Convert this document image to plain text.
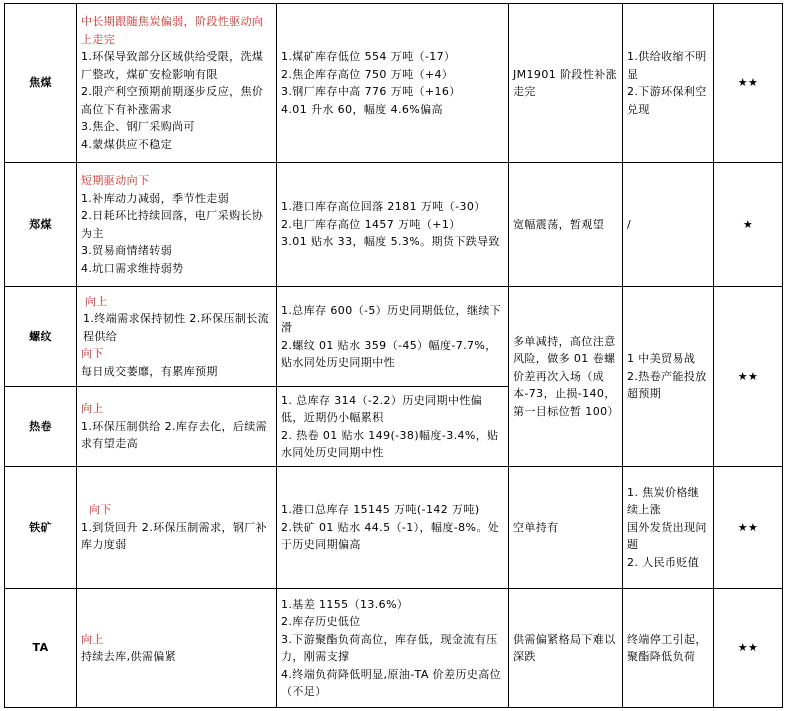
焦煤	中长期跟随焦炭偏弱，阶段性驱动向上走完
1.环保导致部分区域供给受限，洗煤厂整改，煤矿安检影响有限
2.限产利空预期前期逐步反应，焦价高位下有补涨需求
3.焦企、钢厂采购尚可
4.蒙煤供应不稳定	1.煤矿库存低位 554 万吨（-17）
2.焦企库存高位 750 万吨（+4）
3.钢厂库存中高 776 万吨（+16）
4.01 升水 60，幅度 4.6%偏高	JM1901 阶段性补涨走完	1.供给收缩不明显
2.下游环保利空兑现	★★
郑煤	短期驱动向下
1.补库动力减弱，季节性走弱
2.日耗环比持续回落，电厂采购长协为主
3.贸易商情绪转弱
4.坑口需求维持弱势	1.港口库存高位回落 2181 万吨（-30）
2.电厂库存高位 1457 万吨（+1）
3.01 贴水 33，幅度 5.3%。期货下跌导致	宽幅震荡，暂观望	/	★
螺纹	向上
1.终端需求保持韧性 2.环保压制长流程供给
向下
每日成交萎靡，有累库预期	1.总库存 600（-5）历史同期低位，继续下滑
2.螺纹 01 贴水 359（-45）幅度-7.7%，贴水同处历史同期中性	多单减持，高位注意风险，做多 01 卷螺价差再次入场（成本-73，止损-140，第一目标位暂 100）	1 中美贸易战
2.热卷产能投放超预期	★★
热卷	向上
1.环保压制供给 2.库存去化，后续需求有望走高	1. 总库存 314（-2.2）历史同期中性偏低，近期仍小幅累积
2. 热卷 01 贴水 149(-38)幅度-3.4%，贴水同处历史同期中性			

铁矿	向下
1.到货回升 2.环保压制需求，钢厂补库力度弱	1.港口总库存 15145 万吨(-142 万吨)
2.铁矿 01 贴水 44.5（-1），幅度-8%。处于历史同期偏高	空单持有	1. 焦炭价格继续上涨
国外发货出现问题
2. 人民币贬值	★★
TA	向上
持续去库,供需偏紧	1.基差 1155（13.6%）
2.库存历史低位
3.下游聚酯负荷高位，库存低，现金流有压力，刚需支撑
4.终端负荷降低明显,原油-TA 价差历史高位（不足）	供需偏紧格局下难以深跌	终端停工引起，聚酯降低负荷	★★
